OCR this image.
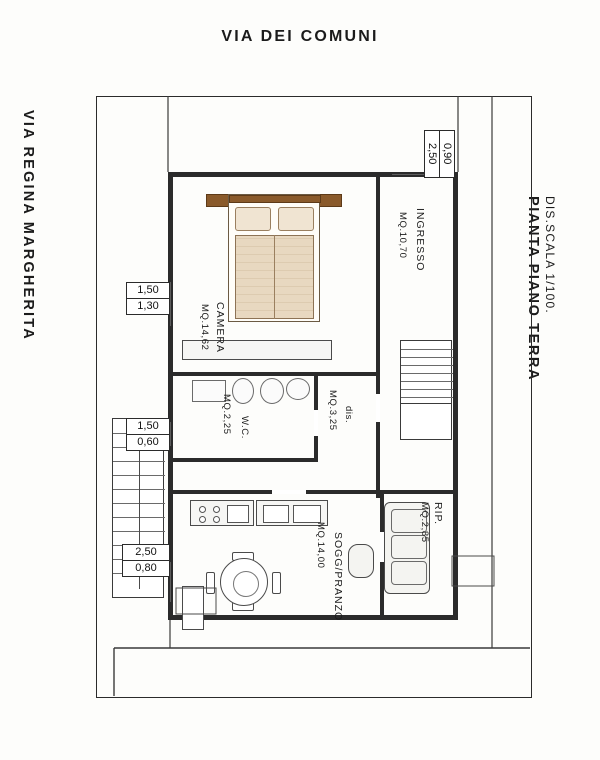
VIA DEI COMUNI
VIA REGINA MARGHERITA	PIANTA PIANO TERRA DIS.SCALA 1/100.
CAMERA
MQ.14,62
INGRESSO
MQ.10,70
W.C.
MQ.2,25	dis.
MQ.3,25
SOGG/PRANZO
MQ.14,00
RIP.
MQ.2,85
1,50
1,30
1,50
0,60
2,50
0,80
2,50 0,90
